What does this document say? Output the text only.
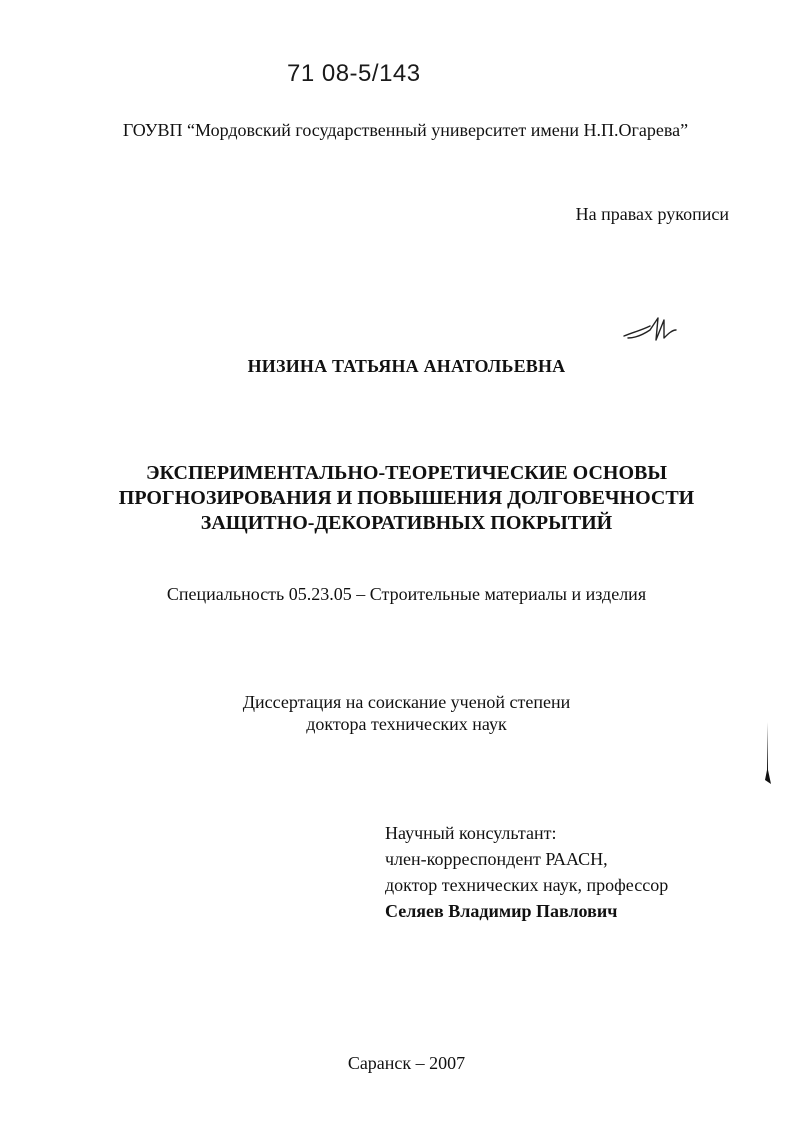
71 08-5/143
ГОУВП “Мордовский государственный университет имени Н.П.Огарева”
На правах рукописи
НИЗИНА ТАТЬЯНА АНАТОЛЬЕВНА
ЭКСПЕРИМЕНТАЛЬНО-ТЕОРЕТИЧЕСКИЕ ОСНОВЫ
ПРОГНОЗИРОВАНИЯ И ПОВЫШЕНИЯ ДОЛГОВЕЧНОСТИ
ЗАЩИТНО-ДЕКОРАТИВНЫХ ПОКРЫТИЙ
Специальность 05.23.05 – Строительные материалы и изделия
Диссертация на соискание ученой степени
доктора технических наук
Научный консультант:
член-корреспондент РААСН,
доктор технических наук, профессор
Селяев Владимир Павлович
Саранск – 2007
